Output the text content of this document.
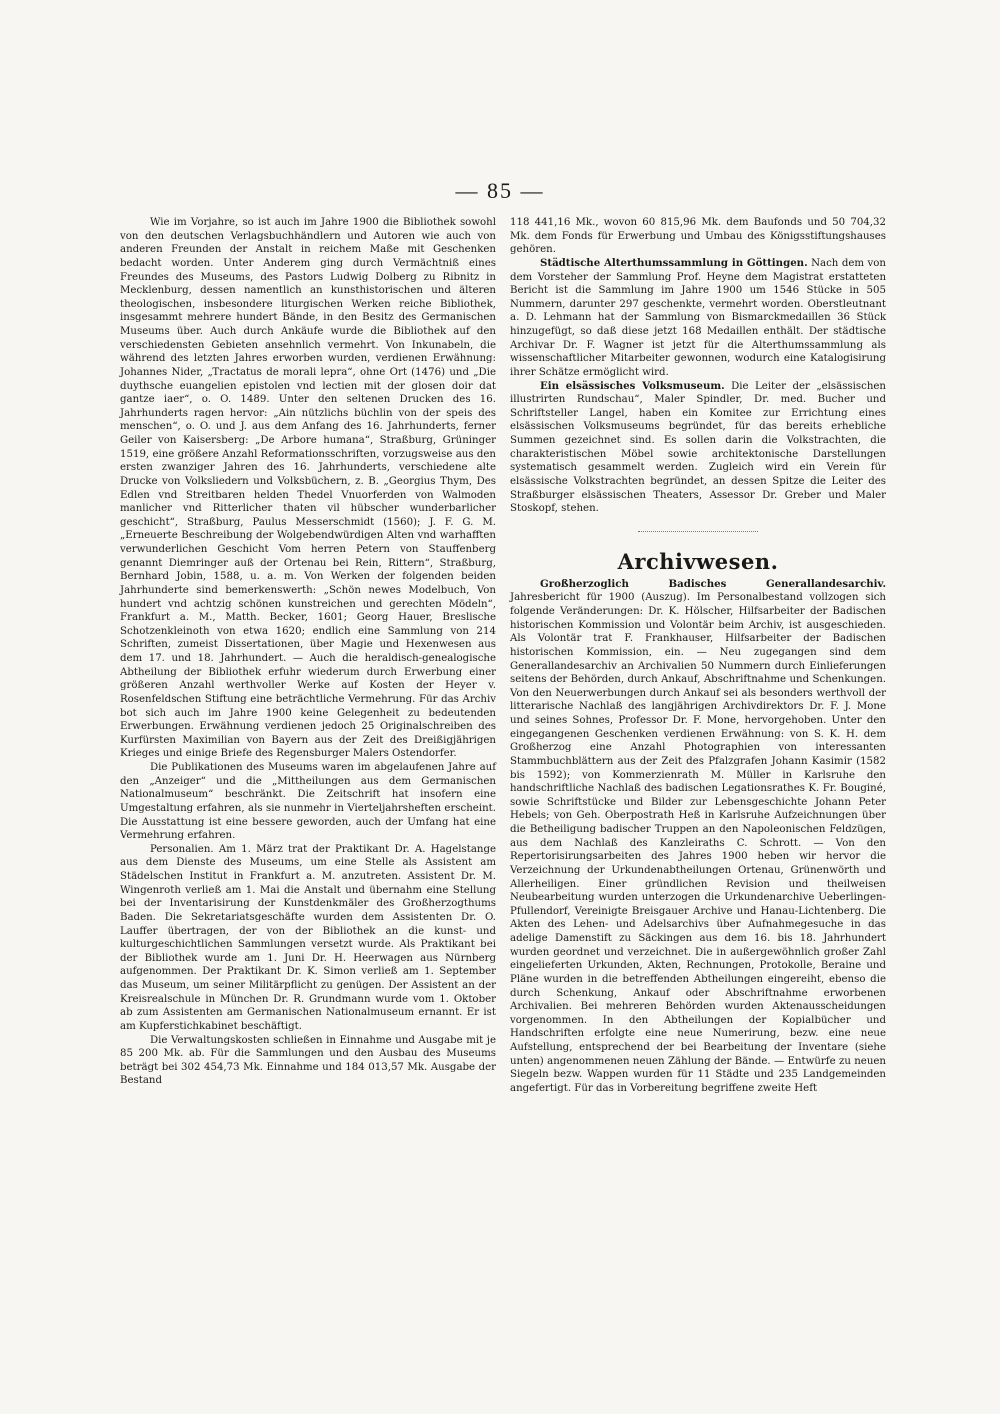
— 85 —

Wie im Vorjahre, so ist auch im Jahre 1900 die Bibliothek sowohl von den deutschen Verlagsbuchhändlern und Autoren wie auch von anderen Freunden der Anstalt in reichem Maße mit Geschenken bedacht worden. Unter Anderem ging durch Vermächtniß eines Freundes des Museums, des Pastors Ludwig Dolberg zu Ribnitz in Mecklenburg, dessen namentlich an kunsthistorischen und älteren theologischen, insbesondere liturgischen Werken reiche Bibliothek, insgesammt mehrere hundert Bände, in den Besitz des Germanischen Museums über. Auch durch Ankäufe wurde die Bibliothek auf den verschiedensten Gebieten ansehnlich vermehrt. Von Inkunabeln, die während des letzten Jahres erworben wurden, verdienen Erwähnung: Johannes Nider, „Tractatus de morali lepra“, ohne Ort (1476) und „Die duythsche euangelien epistolen vnd lectien mit der glosen doir dat gantze iaer“, o. O. 1489. Unter den seltenen Drucken des 16. Jahrhunderts ragen hervor: „Ain nützlichs büchlin von der speis des menschen“, o. O. und J. aus dem Anfang des 16. Jahrhunderts, ferner Geiler von Kaisersberg: „De Arbore humana“, Straßburg, Grüninger 1519, eine größere Anzahl Reformationsschriften, vorzugsweise aus den ersten zwanziger Jahren des 16. Jahrhunderts, verschiedene alte Drucke von Volksliedern und Volksbüchern, z. B. „Georgius Thym, Des Edlen vnd Streitbaren helden Thedel Vnuorferden von Walmoden manlicher vnd Ritterlicher thaten vil hübscher wunderbarlicher geschicht“, Straßburg, Paulus Messerschmidt (1560); J. F. G. M. „Erneuerte Beschreibung der Wolgebendwürdigen Alten vnd warhafften verwunderlichen Geschicht Vom herren Petern von Stauffenberg genannt Diemringer auß der Ortenau bei Rein, Rittern“, Straßburg, Bernhard Jobin, 1588, u. a. m. Von Werken der folgenden beiden Jahrhunderte sind bemerkenswerth: „Schön newes Modelbuch, Von hundert vnd achtzig schönen kunstreichen und gerechten Mödeln“, Frankfurt a. M., Matth. Becker, 1601; Georg Hauer, Breslische Schotzenkleinoth von etwa 1620; endlich eine Sammlung von 214 Schriften, zumeist Dissertationen, über Magie und Hexenwesen aus dem 17. und 18. Jahrhundert. — Auch die heraldisch-genealogische Abtheilung der Bibliothek erfuhr wiederum durch Erwerbung einer größeren Anzahl werthvoller Werke auf Kosten der Heyer v. Rosenfeldschen Stiftung eine beträchtliche Vermehrung. Für das Archiv bot sich auch im Jahre 1900 keine Gelegenheit zu bedeutenden Erwerbungen. Erwähnung verdienen jedoch 25 Originalschreiben des Kurfürsten Maximilian von Bayern aus der Zeit des Dreißigjährigen Krieges und einige Briefe des Regensburger Malers Ostendorfer.

Die Publikationen des Museums waren im abgelaufenen Jahre auf den „Anzeiger“ und die „Mittheilungen aus dem Germanischen Nationalmuseum“ beschränkt. Die Zeitschrift hat insofern eine Umgestaltung erfahren, als sie nunmehr in Vierteljahrsheften erscheint. Die Ausstattung ist eine bessere geworden, auch der Umfang hat eine Vermehrung erfahren.

Personalien. Am 1. März trat der Praktikant Dr. A. Hagelstange aus dem Dienste des Museums, um eine Stelle als Assistent am Städelschen Institut in Frankfurt a. M. anzutreten. Assistent Dr. M. Wingenroth verließ am 1. Mai die Anstalt und übernahm eine Stellung bei der Inventarisirung der Kunstdenkmäler des Großherzogthums Baden. Die Sekretariatsgeschäfte wurden dem Assistenten Dr. O. Lauffer übertragen, der von der Bibliothek an die kunst- und kulturgeschichtlichen Sammlungen versetzt wurde. Als Praktikant bei der Bibliothek wurde am 1. Juni Dr. H. Heerwagen aus Nürnberg aufgenommen. Der Praktikant Dr. K. Simon verließ am 1. September das Museum, um seiner Militärpflicht zu genügen. Der Assistent an der Kreisrealschule in München Dr. R. Grundmann wurde vom 1. Oktober ab zum Assistenten am Germanischen Nationalmuseum ernannt. Er ist am Kupferstichkabinet beschäftigt.

Die Verwaltungskosten schließen in Einnahme und Ausgabe mit je 85 200 Mk. ab. Für die Sammlungen und den Ausbau des Museums beträgt bei 302 454,73 Mk. Einnahme und 184 013,57 Mk. Ausgabe der Bestand

118 441,16 Mk., wovon 60 815,96 Mk. dem Baufonds und 50 704,32 Mk. dem Fonds für Erwerbung und Umbau des Königsstiftungshauses gehören.

Städtische Alterthumssammlung in Göttingen. Nach dem von dem Vorsteher der Sammlung Prof. Heyne dem Magistrat erstatteten Bericht ist die Sammlung im Jahre 1900 um 1546 Stücke in 505 Nummern, darunter 297 geschenkte, vermehrt worden. Oberstleutnant a. D. Lehmann hat der Sammlung von Bismarckmedaillen 36 Stück hinzugefügt, so daß diese jetzt 168 Medaillen enthält. Der städtische Archivar Dr. F. Wagner ist jetzt für die Alterthumssammlung als wissenschaftlicher Mitarbeiter gewonnen, wodurch eine Katalogisirung ihrer Schätze ermöglicht wird.

Ein elsässisches Volksmuseum. Die Leiter der „elsässischen illustrirten Rundschau“, Maler Spindler, Dr. med. Bucher und Schriftsteller Langel, haben ein Komitee zur Errichtung eines elsässischen Volksmuseums begründet, für das bereits erhebliche Summen gezeichnet sind. Es sollen darin die Volkstrachten, die charakteristischen Möbel sowie architektonische Darstellungen systematisch gesammelt werden. Zugleich wird ein Verein für elsässische Volkstrachten begründet, an dessen Spitze die Leiter des Straßburger elsässischen Theaters, Assessor Dr. Greber und Maler Stoskopf, stehen.

Archivwesen.

Großherzoglich Badisches Generallandesarchiv. Jahresbericht für 1900 (Auszug). Im Personalbestand vollzogen sich folgende Veränderungen: Dr. K. Hölscher, Hilfsarbeiter der Badischen historischen Kommission und Volontär beim Archiv, ist ausgeschieden. Als Volontär trat F. Frankhauser, Hilfsarbeiter der Badischen historischen Kommission, ein. — Neu zugegangen sind dem Generallandesarchiv an Archivalien 50 Nummern durch Einlieferungen seitens der Behörden, durch Ankauf, Abschriftnahme und Schenkungen. Von den Neuerwerbungen durch Ankauf sei als besonders werthvoll der litterarische Nachlaß des langjährigen Archivdirektors Dr. F. J. Mone und seines Sohnes, Professor Dr. F. Mone, hervorgehoben. Unter den eingegangenen Geschenken verdienen Erwähnung: von S. K. H. dem Großherzog eine Anzahl Photographien von interessanten Stammbuchblättern aus der Zeit des Pfalzgrafen Johann Kasimir (1582 bis 1592); von Kommerzienrath M. Müller in Karlsruhe den handschriftliche Nachlaß des badischen Legationsrathes K. Fr. Bouginé, sowie Schriftstücke und Bilder zur Lebensgeschichte Johann Peter Hebels; von Geh. Oberpostrath Heß in Karlsruhe Aufzeichnungen über die Betheiligung badischer Truppen an den Napoleonischen Feldzügen, aus dem Nachlaß des Kanzleiraths C. Schrott. — Von den Repertorisirungsarbeiten des Jahres 1900 heben wir hervor die Verzeichnung der Urkundenabtheilungen Ortenau, Grünenwörth und Allerheiligen. Einer gründlichen Revision und theilweisen Neubearbeitung wurden unterzogen die Urkundenarchive Ueberlingen-Pfullendorf, Vereinigte Breisgauer Archive und Hanau-Lichtenberg. Die Akten des Lehen- und Adelsarchivs über Aufnahmegesuche in das adelige Damenstift zu Säckingen aus dem 16. bis 18. Jahrhundert wurden geordnet und verzeichnet. Die in außergewöhnlich großer Zahl eingelieferten Urkunden, Akten, Rechnungen, Protokolle, Beraine und Pläne wurden in die betreffenden Abtheilungen eingereiht, ebenso die durch Schenkung, Ankauf oder Abschriftnahme erworbenen Archivalien. Bei mehreren Behörden wurden Aktenausscheidungen vorgenommen. In den Abtheilungen der Kopialbücher und Handschriften erfolgte eine neue Numerirung, bezw. eine neue Aufstellung, entsprechend der bei Bearbeitung der Inventare (siehe unten) angenommenen neuen Zählung der Bände. — Entwürfe zu neuen Siegeln bezw. Wappen wurden für 11 Städte und 235 Landgemeinden angefertigt. Für das in Vorbereitung begriffene zweite Heft
